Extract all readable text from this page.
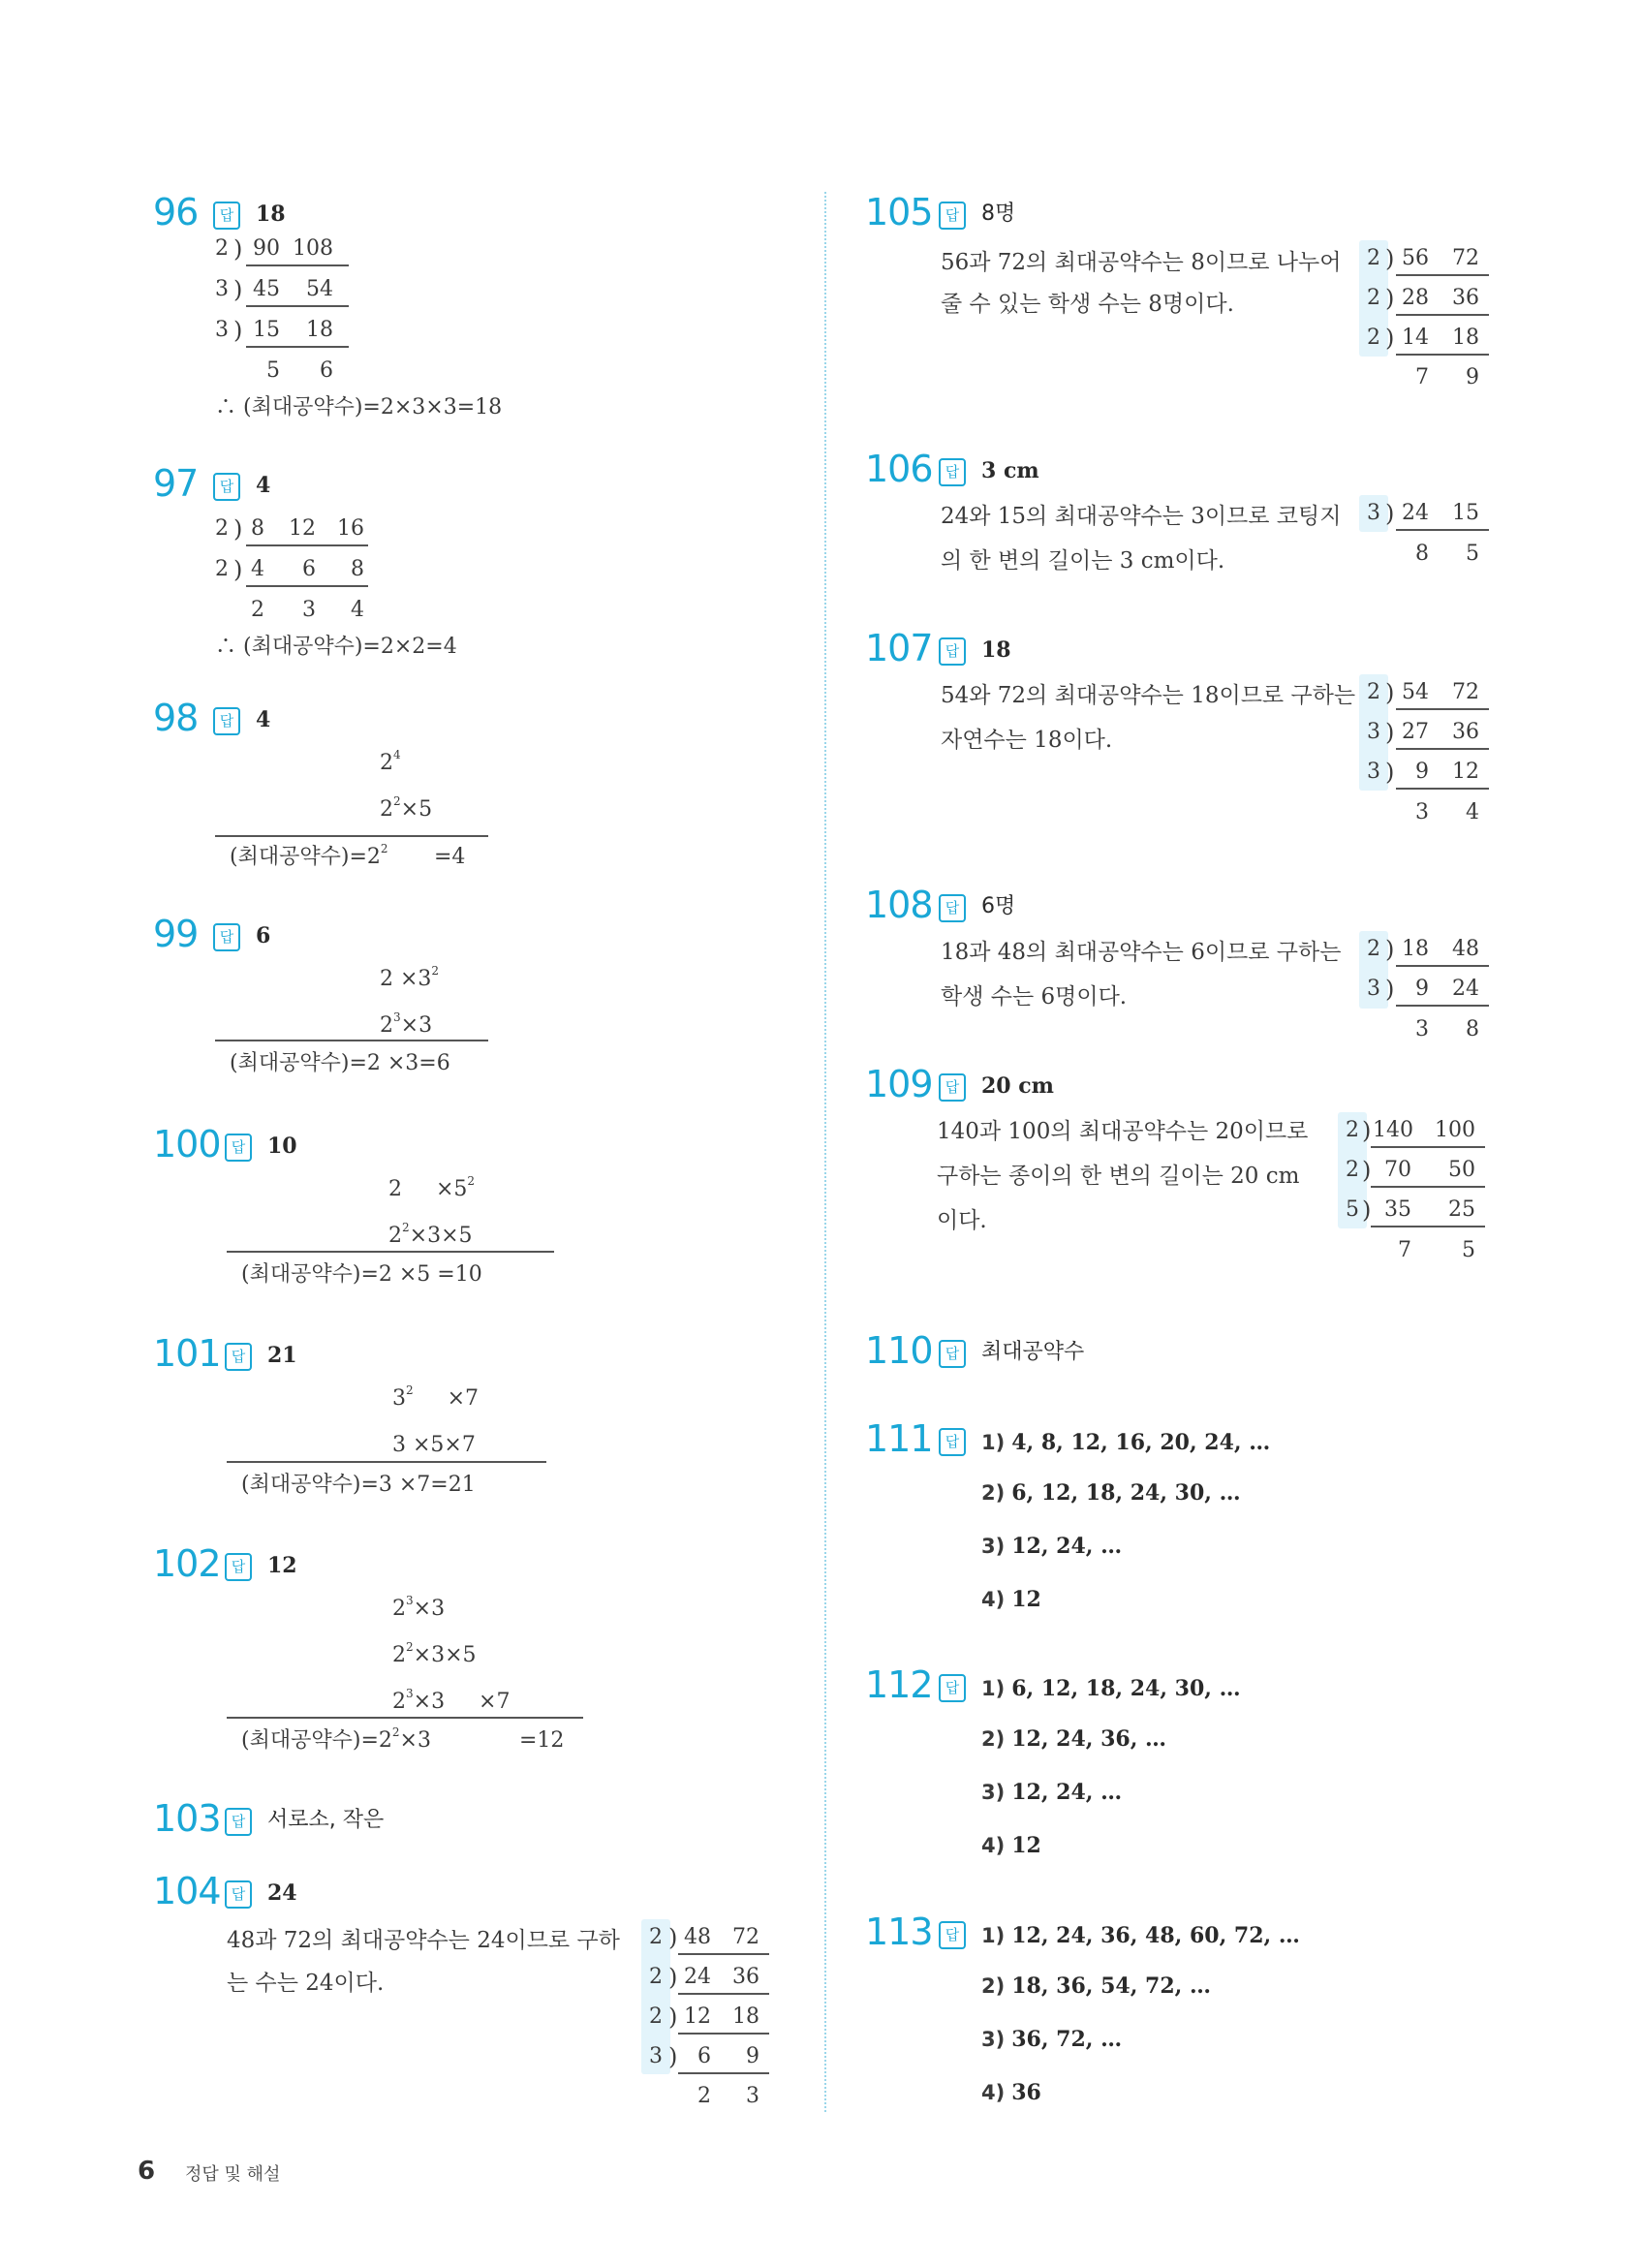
96	답	18
2 ) 90 108
3 ) 45	54
3 ) 15	18
5	6
∴ (최대공약수)=2×3×3=18
97	답	4
2 ) 8	12	16
2 ) 4	6	8
2	3	4
∴ (최대공약수)=2×2=4
98	답	4
$2^4$
$2^2\times 5$
(최대공약수)$=2^2 =4$
99	답	6
$2 \times 3^2$
$2^3\times 3$
(최대공약수)=2 ×3=6
100 답	10
2     $\times 5^2$
$2^2\times 3\times 5$
(최대공약수)=2 ×5 =10
101 답	21
$3^2$     ×7
3 ×5×7
(최대공약수)=3 ×7=21
102 답	12
$2^3\times 3$
$2^2\times 3\times 5$
$2^3\times 3$     ×7
(최대공약수)$=2^2\times 3$	=12
103 답	서로소, 작은
104 답	24
48과 72의 최대공약수는 24이므로 구하
는 수는 24이다.
2 ) 48	72
2 ) 24	36
2 ) 12	18
3 ) 6	9
2	3
105 답	8명
56과 72의 최대공약수는 8이므로 나누어
줄 수 있는 학생 수는 8명이다.
2 ) 56	72
2 ) 28	36
2 ) 14	18
7	9
106 답	3 cm
24와 15의 최대공약수는 3이므로 코팅지
의 한 변의 길이는 3 cm이다.
3 ) 24	15
8	5
107 답	18
54와 72의 최대공약수는 18이므로 구하는
자연수는 18이다.
2 ) 54	72
3 ) 27	36
3 ) 9	12
3	4
108 답	6명
18과 48의 최대공약수는 6이므로 구하는
학생 수는 6명이다.
2 ) 18	48
3 ) 9	24
3	8
109 답	20 cm
140과 100의 최대공약수는 20이므로
구하는 종이의 한 변의 길이는 20 cm
이다.
2 ) 140	100
2 ) 70	50
5 ) 35	25
7	5
110 답	최대공약수
111 답	1) 4, 8, 12, 16, 20, 24, …
2) 6, 12, 18, 24, 30, …
3) 12, 24, …
4) 12
112 답	1) 6, 12, 18, 24, 30, …
2) 12, 24, 36, …
3) 12, 24, …
4) 12
113 답	1) 12, 24, 36, 48, 60, 72, …
2) 18, 36, 54, 72, …
3) 36, 72, …
4) 36
6 정답 및 해설
